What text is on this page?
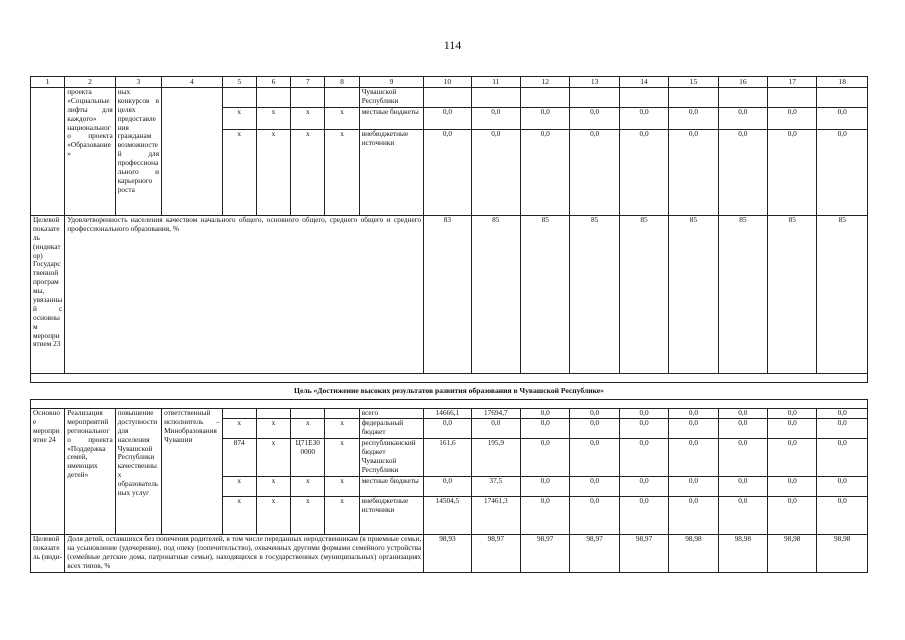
114
1	2	3	4	5	6	7	8	9	10	11	12	13	14	15	16	17	18
	проекта «Социальные лифты для каждого» национального проекта «Образование»	ных конкурсов в целях предоставления гражданам возможностей для профессионального и карьерного роста						Чувашской Республики									
				х	х	х	х	местные бюджеты	0,0	0,0	0,0	0,0	0,0	0,0	0,0	0,0	0,0
				х	х	х	х	внебюджетные источники	0,0	0,0	0,0	0,0	0,0	0,0	0,0	0,0	0,0
Целевой показатель (индикатор) Государственной программы, увязанный с основным мероприятием 23	Удовлетворенность населения качеством начального общего, основного общего, среднего общего и среднего профессионального образования, %								83	85	85	85	85	85	85	85	85

Цель «Достижение высоких результатов развития образования в Чувашской Республике»																	

Основное мероприятие 24	Реализация мероприятий регионального проекта «Поддержка семей, имеющих детей»	повышение доступности для населения Чувашской Республики качественных образовательных услуг	ответственный исполнитель – Минобразования Чувашии					всего	14666,1	17694,7	0,0	0,0	0,0	0,0	0,0	0,0	0,0
				х	х	х	х	федеральный бюджет	0,0	0,0	0,0	0,0	0,0	0,0	0,0	0,0	0,0
				874	х	Ц71Е30 0000	х	республиканский бюджет Чувашской Республики	161,6	195,9	0,0	0,0	0,0	0,0	0,0	0,0	0,0
				х	х	х	х	местные бюджеты	0,0	37,5	0,0	0,0	0,0	0,0	0,0	0,0	0,0
				х	х	х	х	внебюджетные источники	14504,5	17461,3	0,0	0,0	0,0	0,0	0,0	0,0	0,0
Целевой показатель (инди-	Доля детей, оставшихся без попечения родителей, в том числе переданных неродственникам (в приемные семьи, на усыновление (удочерение), под опеку (попечительство), охваченных другими формами семейного устройства (семейные детские дома, патронатные семьи), находящихся в государственных (муниципальных) организациях всех типов, %								98,93	98,97	98,97	98,97	98,97	98,98	98,98	98,98	98,98
